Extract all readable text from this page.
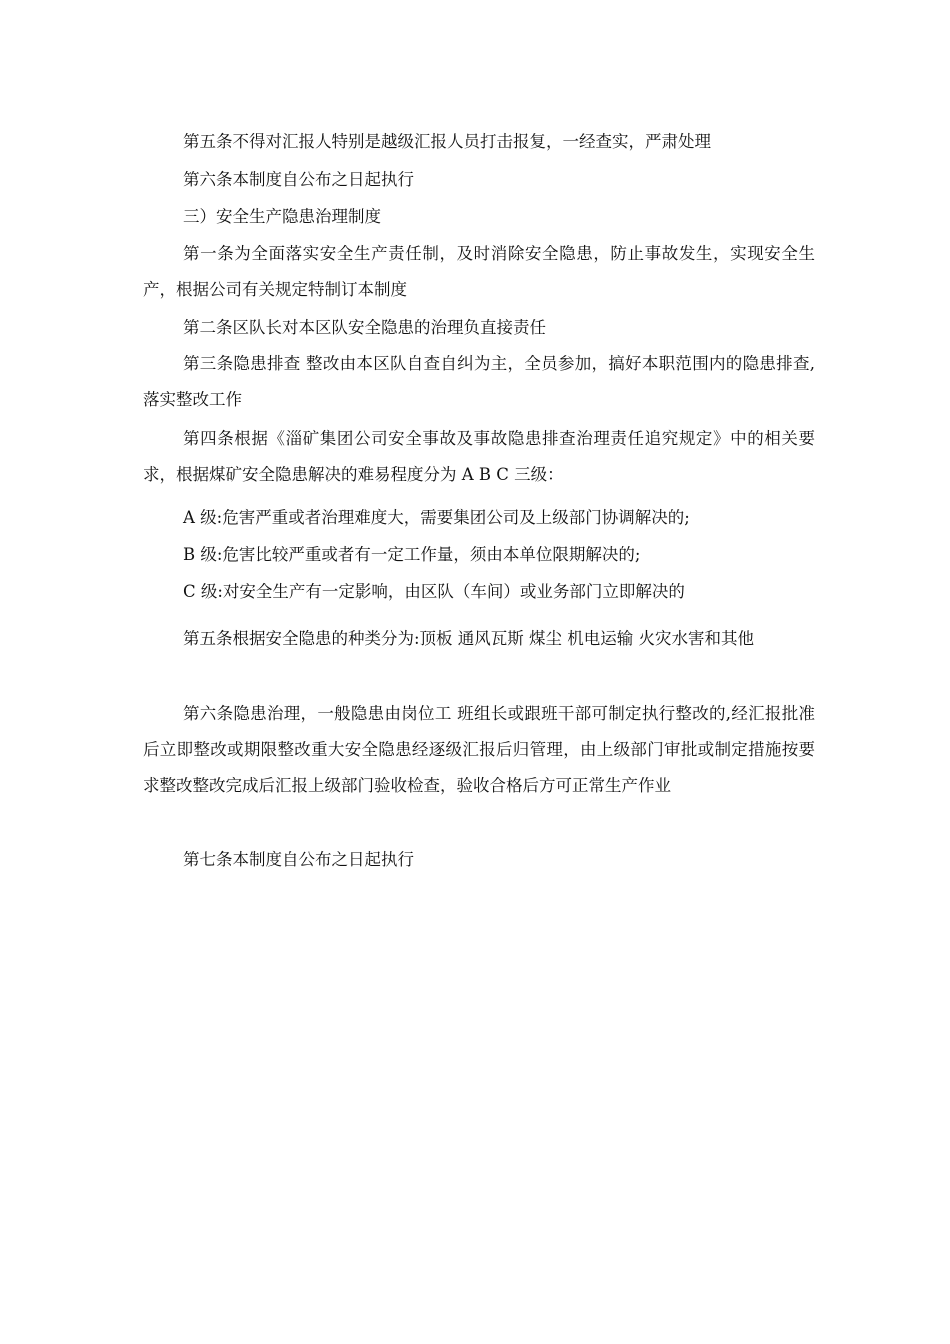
第五条不得对汇报人特别是越级汇报人员打击报复，一经查实，严肃处理

第六条本制度自公布之日起执行

三）安全生产隐患治理制度

第一条为全面落实安全生产责任制，及时消除安全隐患，防止事故发生，实现安全生产，根据公司有关规定特制订本制度

第二条区队长对本区队安全隐患的治理负直接责任

第三条隐患排查 整改由本区队自查自纠为主，全员参加，搞好本职范围内的隐患排查,落实整改工作

第四条根据《淄矿集团公司安全事故及事故隐患排查治理责任追究规定》中的相关要求，根据煤矿安全隐患解决的难易程度分为 A B C 三级：

A 级:危害严重或者治理难度大，需要集团公司及上级部门协调解决的;

B 级:危害比较严重或者有一定工作量，须由本单位限期解决的;

C 级:对安全生产有一定影响，由区队（车间）或业务部门立即解决的

第五条根据安全隐患的种类分为:顶板 通风瓦斯 煤尘 机电运输 火灾水害和其他

第六条隐患治理，一般隐患由岗位工 班组长或跟班干部可制定执行整改的,经汇报批准后立即整改或期限整改重大安全隐患经逐级汇报后归管理，由上级部门审批或制定措施按要求整改整改完成后汇报上级部门验收检查，验收合格后方可正常生产作业

第七条本制度自公布之日起执行
